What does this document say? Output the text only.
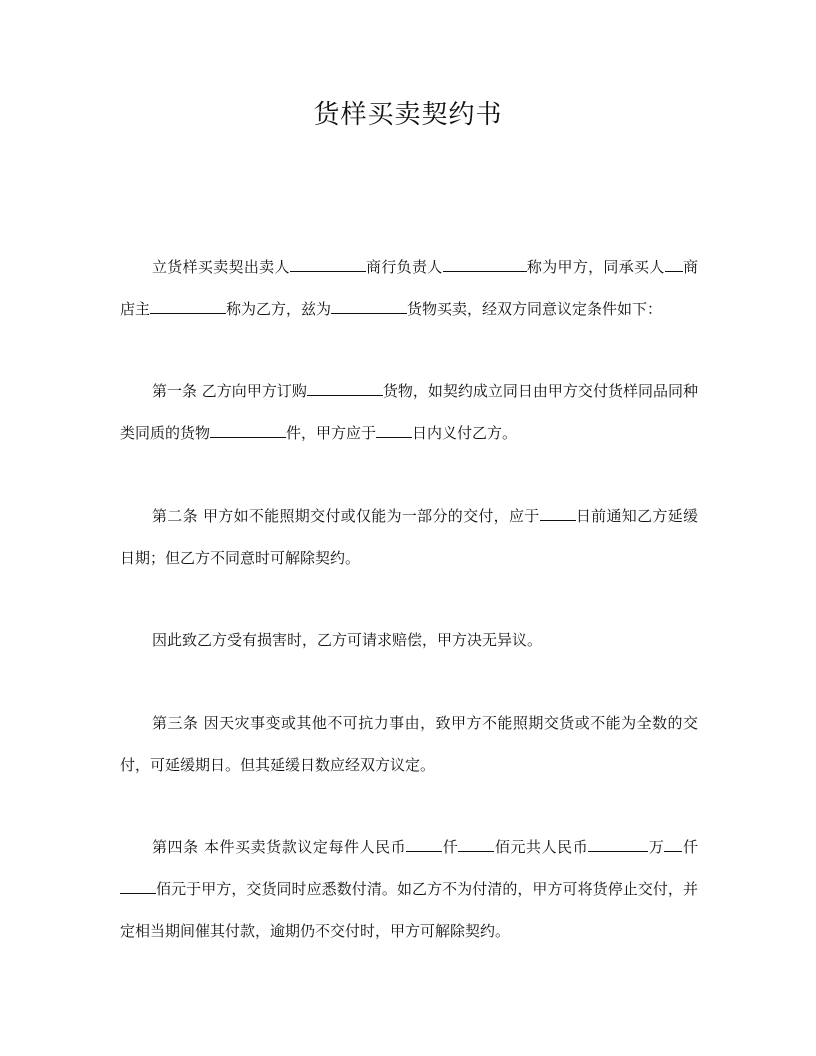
货样买卖契约书
立货样买卖契出卖人	商行负责人	称为甲方，同承买人 商店主	称为乙方，兹为	货物买卖，经双方同意议定条件如下：
第一条 乙方向甲方订购	货物，如契约成立同日由甲方交付货样同品同种类同质的货物	件，甲方应于 日内义付乙方。
第二条 甲方如不能照期交付或仅能为一部分的交付，应于 日前通知乙方延缓日期；但乙方不同意时可解除契约。
因此致乙方受有损害时，乙方可请求赔偿，甲方决无异议。
第三条 因天灾事变或其他不可抗力事由，致甲方不能照期交货或不能为全数的交付，可延缓期日。但其延缓日数应经双方议定。
第四条 本件买卖货款议定每件人民币 仟 佰元共人民币	万 仟佰元于甲方，交货同时应悉数付清。如乙方不为付清的，甲方可将货停止交付，并定相当期间催其付款，逾期仍不交付时，甲方可解除契约。
